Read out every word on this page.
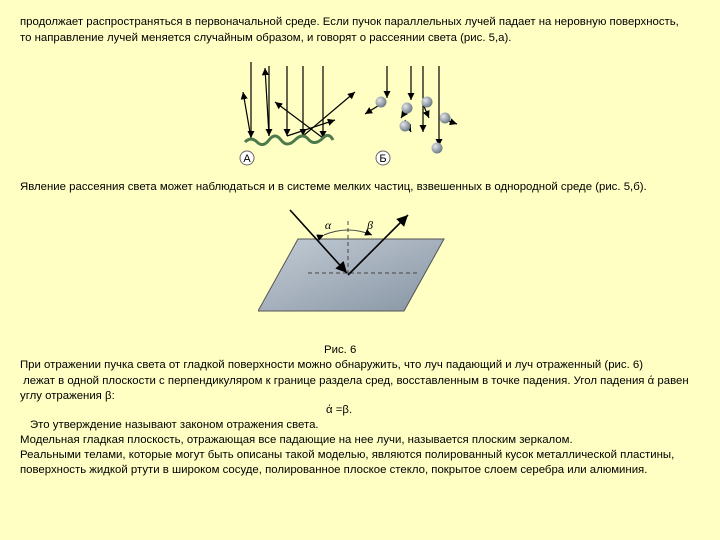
продолжает распространяться в первоначальной среде. Если пучок параллельных лучей падает на неровную поверхность,
то направление лучей меняется случайным образом, и говорят о рассеянии света (рис. 5,а).
А	Б
Явление рассеяния света может наблюдаться и в системе мелких частиц, взвешенных в однородной среде (рис. 5,б).
α	β
Рис. 6
При отражении пучка света от гладкой поверхности можно обнаружить, что луч падающий и луч отраженный (рис. 6)
лежат в одной плоскости с перпендикуляром к границе раздела сред, восставленным в точке падения. Угол падения ά равен
углу отражения β:
ά =β.
Это утверждение называют законом отражения света.
Модельная гладкая плоскость, отражающая все падающие на нее лучи, называется плоским зеркалом.
Реальными телами, которые могут быть описаны такой моделью, являются полированный кусок металлической пластины,
поверхность жидкой ртути в широком сосуде, полированное плоское стекло, покрытое слоем серебра или алюминия.
